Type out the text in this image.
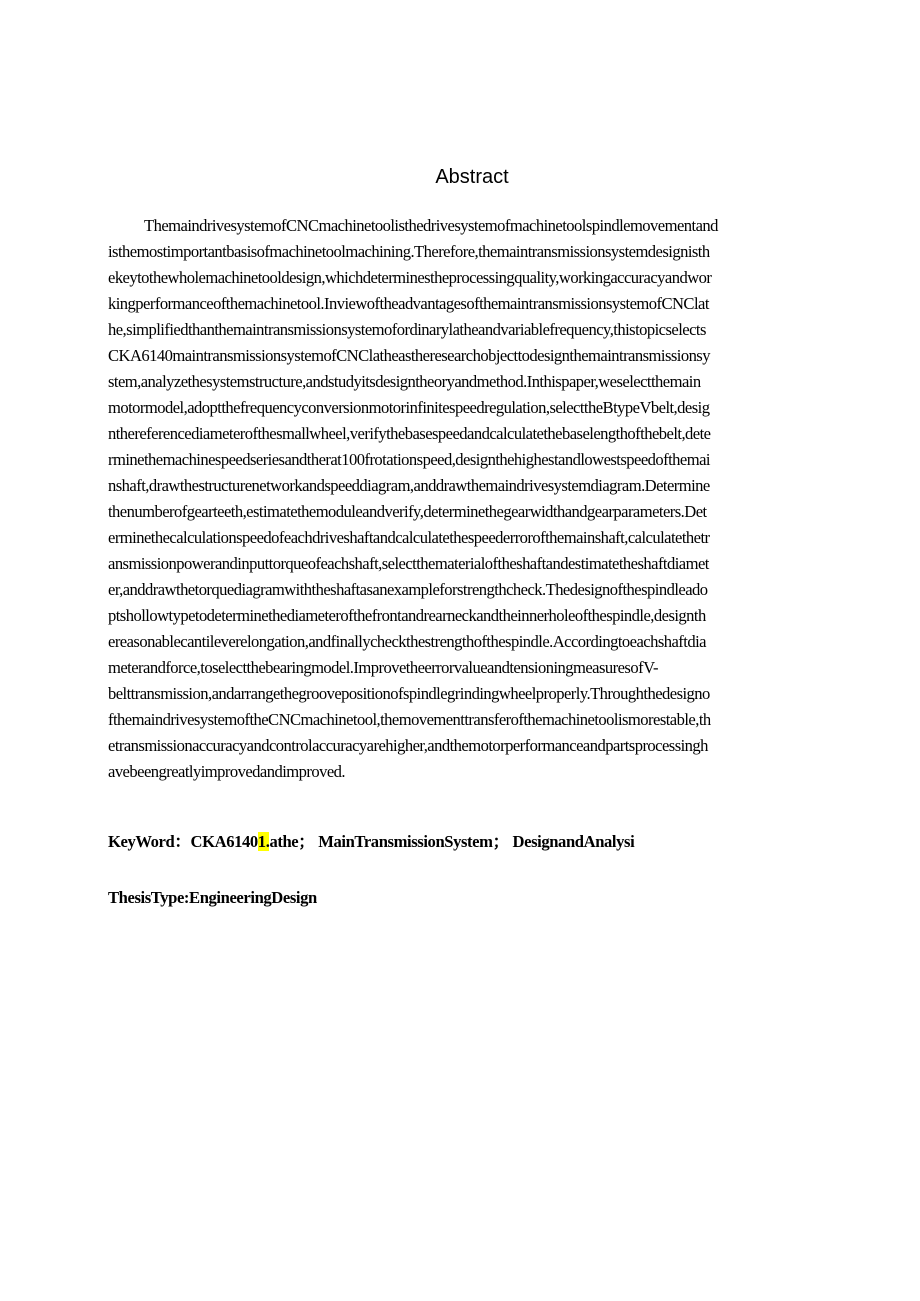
Abstract
ThemaindrivesystemofCNCmachinetoolisthedrivesystemofmachinetoolspindlemovementand
isthemostimportantbasisofmachinetoolmachining.Therefore,themaintransmissionsystemdesignisth
ekeytothewholemachinetooldesign,whichdeterminestheprocessingquality,workingaccuracyandwor
kingperformanceofthemachinetool.InviewoftheadvantagesofthemaintransmissionsystemofCNClat
he,simplifiedthanthemaintransmissionsystemofordinarylatheandvariablefrequency,thistopicselects
CKA6140maintransmissionsystemofCNClatheastheresearchobjecttodesignthemaintransmissionsy
stem,analyzethesystemstructure,andstudyitsdesigntheoryandmethod.Inthispaper,weselectthemain
motormodel,adoptthefrequencyconversionmotorinfinitespeedregulation,selecttheBtypeVbelt,desig
nthereferencediameterofthesmallwheel,verifythebasespeedandcalculatethebaselengthofthebelt,dete
rminethemachinespeedseriesandtherat100frotationspeed,designthehighestandlowestspeedofthemai
nshaft,drawthestructurenetworkandspeeddiagram,anddrawthemaindrivesystemdiagram.Determine
thenumberofgearteeth,estimatethemoduleandverify,determinethegearwidthandgearparameters.Det
erminethecalculationspeedofeachdriveshaftandcalculatethespeederrorofthemainshaft,calculatethetr
ansmissionpowerandinputtorqueofeachshaft,selectthematerialoftheshaftandestimatetheshaftdiamet
er,anddrawthetorquediagramwiththeshaftasanexampleforstrengthcheck.Thedesignofthespindleado
ptshollowtypetodeterminethediameterofthefrontandrearneckandtheinnerholeofthespindle,designth
ereasonablecantileverelongation,andfinallycheckthestrengthofthespindle.Accordingtoeachshaftdia
meterandforce,toselectthebearingmodel.ImprovetheerrorvalueandtensioningmeasuresofV-
belttransmission,andarrangethegroovepositionofspindlegrindingwheelproperly.Throughthedesigno
fthemaindrivesystemoftheCNCmachinetool,themovementtransferofthemachinetoolismorestable,th
etransmissionaccuracyandcontrolaccuracyarehigher,andthemotorperformanceandpartsprocessingh
avebeengreatlyimprovedandimproved.
KeyWord：CKA61401.athe； MainTransmissionSystem； DesignandAnalysi
ThesisType:EngineeringDesign
